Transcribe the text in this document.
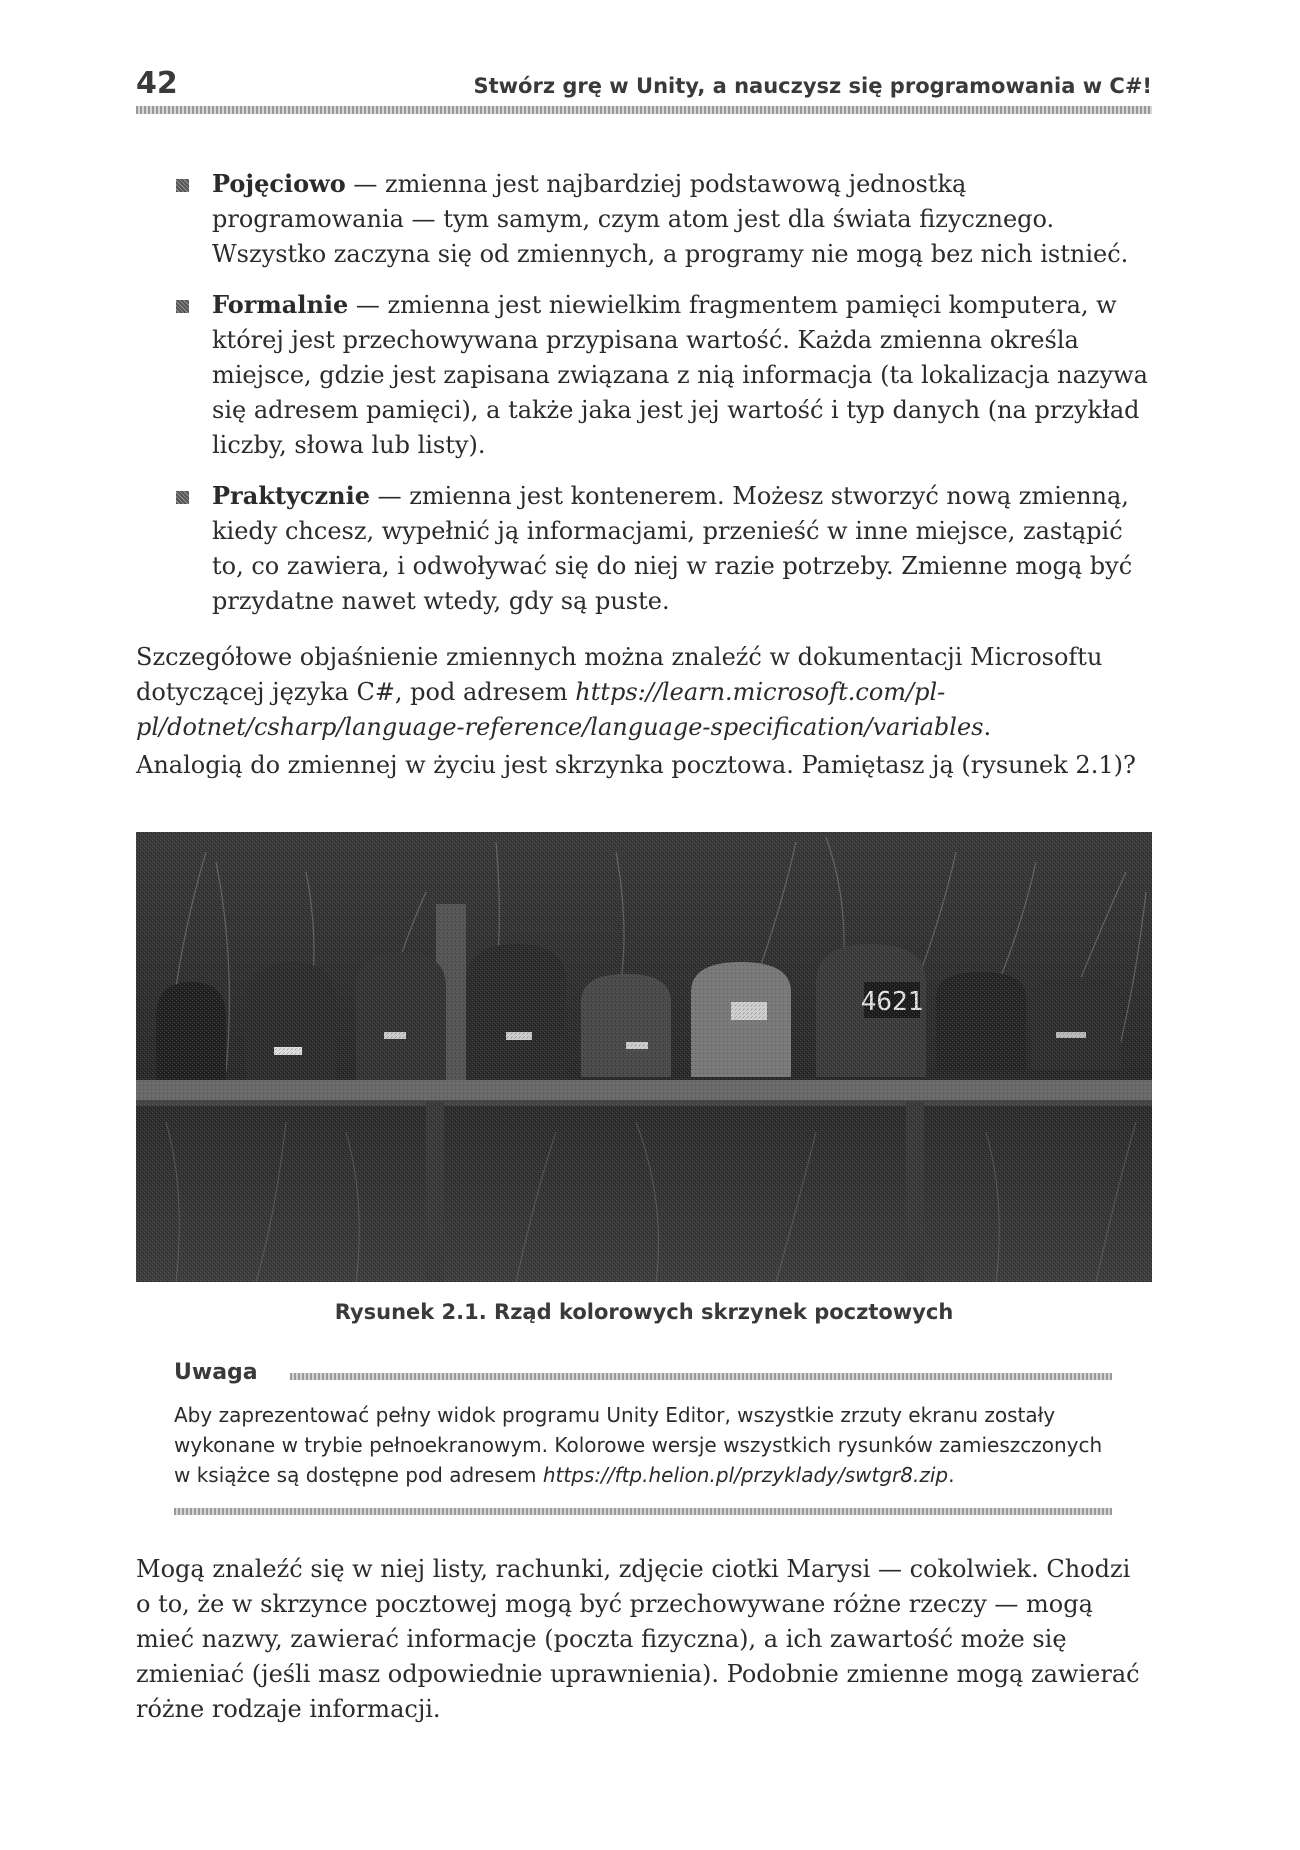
42	Stwórz grę w Unity, a nauczysz się programowania w C#!
Pojęciowo — zmienna jest najbardziej podstawową jednostką programowania — tym samym, czym atom jest dla świata fizycznego. Wszystko zaczyna się od zmiennych, a programy nie mogą bez nich istnieć.
Formalnie — zmienna jest niewielkim fragmentem pamięci komputera, w której jest przechowywana przypisana wartość. Każda zmienna określa miejsce, gdzie jest zapisana związana z nią informacja (ta lokalizacja nazywa się adresem pamięci), a także jaka jest jej wartość i typ danych (na przykład liczby, słowa lub listy).
Praktycznie — zmienna jest kontenerem. Możesz stworzyć nową zmienną, kiedy chcesz, wypełnić ją informacjami, przenieść w inne miejsce, zastąpić to, co zawiera, i odwoływać się do niej w razie potrzeby. Zmienne mogą być przydatne nawet wtedy, gdy są puste.

Szczegółowe objaśnienie zmiennych można znaleźć w dokumentacji Microsoftu dotyczącej języka C#, pod adresem https://learn.microsoft.com/pl-pl/dotnet/csharp/language-reference/language-specification/variables.

Analogią do zmiennej w życiu jest skrzynka pocztowa. Pamiętasz ją (rysunek 2.1)?

Rysunek 2.1. Rząd kolorowych skrzynek pocztowych
Uwaga

Aby zaprezentować pełny widok programu Unity Editor, wszystkie zrzuty ekranu zostały wykonane w trybie pełnoekranowym. Kolorowe wersje wszystkich rysunków zamieszczonych w książce są dostępne pod adresem https://ftp.helion.pl/przyklady/swtgr8.zip.

Mogą znaleźć się w niej listy, rachunki, zdjęcie ciotki Marysi — cokolwiek. Chodzi o to, że w skrzynce pocztowej mogą być przechowywane różne rzeczy — mogą mieć nazwy, zawierać informacje (poczta fizyczna), a ich zawartość może się zmieniać (jeśli masz odpowiednie uprawnienia). Podobnie zmienne mogą zawierać różne rodzaje informacji.
